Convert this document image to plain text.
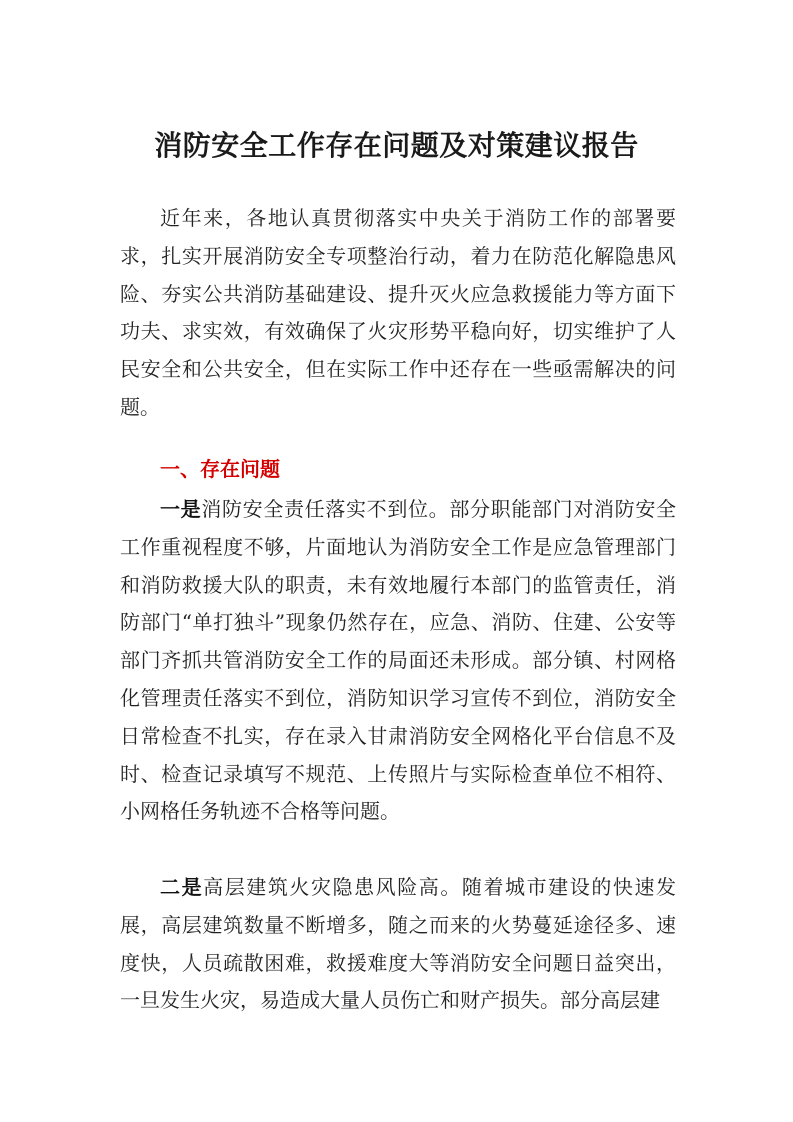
消防安全工作存在问题及对策建议报告

近年来，各地认真贯彻落实中央关于消防工作的部署要求，扎实开展消防安全专项整治行动，着力在防范化解隐患风险、夯实公共消防基础建设、提升灭火应急救援能力等方面下功夫、求实效，有效确保了火灾形势平稳向好，切实维护了人民安全和公共安全，但在实际工作中还存在一些亟需解决的问题。

一、存在问题

一是消防安全责任落实不到位。部分职能部门对消防安全工作重视程度不够，片面地认为消防安全工作是应急管理部门和消防救援大队的职责，未有效地履行本部门的监管责任，消防部门“单打独斗”现象仍然存在，应急、消防、住建、公安等部门齐抓共管消防安全工作的局面还未形成。部分镇、村网格化管理责任落实不到位，消防知识学习宣传不到位，消防安全日常检查不扎实，存在录入甘肃消防安全网格化平台信息不及时、检查记录填写不规范、上传照片与实际检查单位不相符、小网格任务轨迹不合格等问题。

二是高层建筑火灾隐患风险高。随着城市建设的快速发展，高层建筑数量不断增多，随之而来的火势蔓延途径多、速度快，人员疏散困难，救援难度大等消防安全问题日益突出，一旦发生火灾，易造成大量人员伤亡和财产损失。部分高层建
